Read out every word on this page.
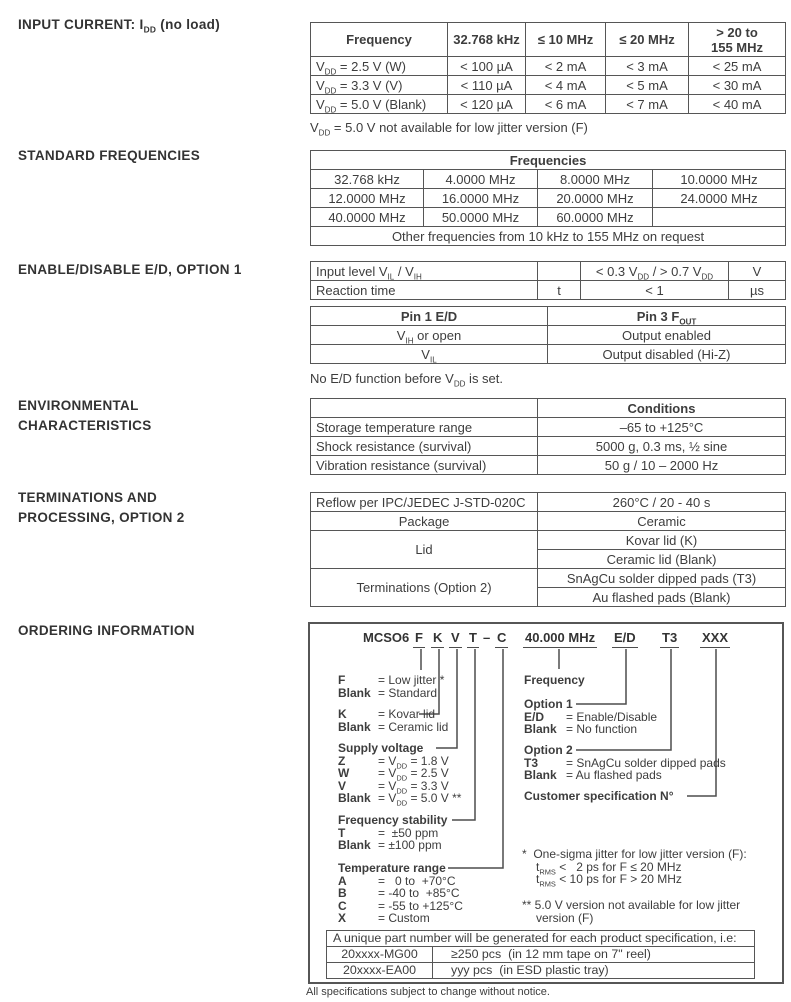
INPUT CURRENT: $I_{DD}$ (no load)
STANDARD FREQUENCIES
ENABLE/DISABLE E/D, OPTION 1
ENVIRONMENTAL
CHARACTERISTICS
TERMINATIONS AND
PROCESSING, OPTION 2
ORDERING INFORMATION
Frequency	32.768 kHz	≤ 10 MHz	≤ 20 MHz	> 20 to
155 MHz
$V_{DD} = 2.5$ V (W)	< 100 µA	< 2 mA	< 3 mA	< 25 mA
$V_{DD} = 3.3$ V (V)	< 110 µA	< 4 mA	< 5 mA	< 30 mA
$V_{DD} = 5.0$ V (Blank)	< 120 µA	< 6 mA	< 7 mA	< 40 mA
$V_{DD} = 5.0$ V not available for low jitter version (F)
Frequencies			
32.768 kHz	4.0000 MHz	8.0000 MHz	10.0000 MHz
12.0000 MHz	16.0000 MHz	20.0000 MHz	24.0000 MHz
40.0000 MHz	50.0000 MHz	60.0000 MHz	
Other frequencies from 10 kHz to 155 MHz on request			
Input level $V_{IL} / V_{IH}$		< 0.3 $V_{DD}$ / > 0.7 $V_{DD}$	V
Reaction time	t	< 1	µs
Pin 1 E/D	Pin 3 $F_{OUT}$
$V_{IH}$ or open	Output enabled
$V_{IL}$	Output disabled (Hi-Z)
No E/D function before $V_{DD}$ is set.
	Conditions
Storage temperature range	–65 to +125°C
Shock resistance (survival)	5000 g, 0.3 ms, ½ sine
Vibration resistance (survival)	50 g / 10 – 2000 Hz
Reflow per IPC/JEDEC J-STD-020C	260°C / 20 - 40 s
Package	Ceramic
Lid	Kovar lid (K)
	Ceramic lid (Blank)
Terminations (Option 2)	SnAgCu solder dipped pads (T3)
	Au flashed pads (Blank)
MCSO6 F K V T – C 40.000 MHz E/D T3 XXX
F	= Low jitter *
Blank = Standard
K	= Kovar lid
Blank = Ceramic lid
Supply voltage
Z	= $V_{DD} = 1.8$ V
$W = V_{DD} = 2.5$ V
V	= $V_{DD} = 3.3$ V
Blank = $V_{DD} = 5.0$ V **
Frequency stability
T	=  ±50 ppm
Blank = ±100 ppm
Temperature range
A	=   0 to  +70°C
B	= -40 to  +85°C
C	= -55 to +125°C
X	= Custom
Frequency
Option 1
E/D = Enable/Disable
Blank = No function
Option 2
T3 = SnAgCu solder dipped pads
Blank = Au flashed pads
Customer specification N°
*  One-sigma jitter for low jitter version (F):
$t_{RMS} < 2$ ps for F ≤ 20 MHz
$t_{RMS} < 10$ ps for F > 20 MHz
** 5.0 V version not available for low jitter
version (F)
A unique part number will be generated for each product specification, i.e:	
20xxxx-MG00	≥250 pcs  (in 12 mm tape on 7" reel)
20xxxx-EA00	yyy pcs  (in ESD plastic tray)
All specifications subject to change without notice.
